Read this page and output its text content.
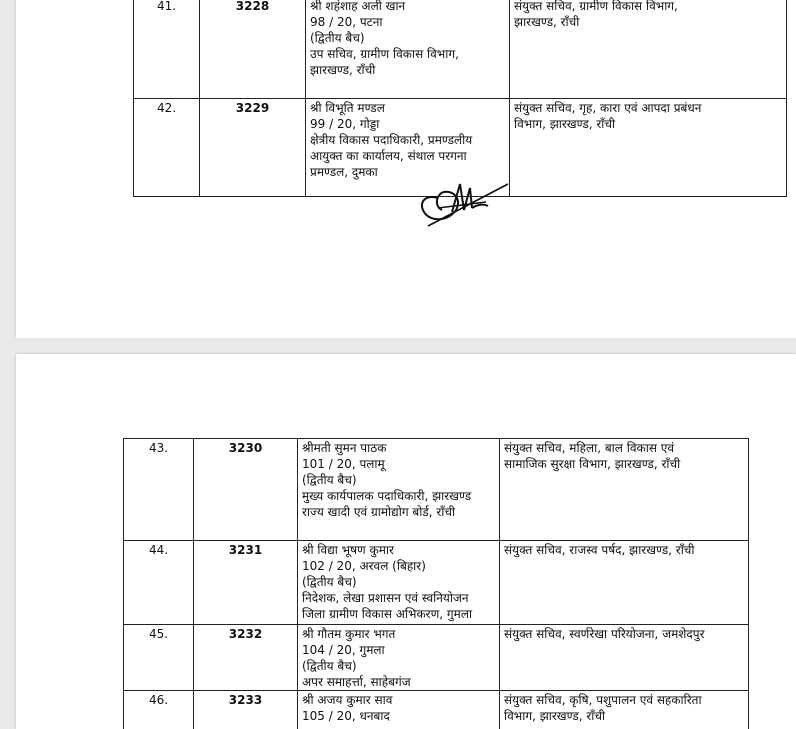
41.	3228	श्री शहंशाह अली खान
98 / 20, पटना
(द्वितीय बैच)
उप सचिव, ग्रामीण विकास विभाग,
झारखण्ड, राँची	संयुक्त सचिव, ग्रामीण विकास विभाग,
झारखण्ड, राँची

42.	3229	श्री विभूति मण्डल
99 / 20, गोड्डा
क्षेत्रीय विकास पदाधिकारी, प्रमण्डलीय
आयुक्त का कार्यालय, संथाल परगना
प्रमण्डल, दुमका	संयुक्त सचिव, गृह, कारा एवं आपदा प्रबंधन
विभाग, झारखण्ड, राँची
43.	3230	श्रीमती सुमन पाठक
101 / 20, पलामू
(द्वितीय बैच)
मुख्य कार्यपालक पदाधिकारी, झारखण्ड
राज्य खादी एवं ग्रामोद्योग बोर्ड, राँची	संयुक्त सचिव, महिला, बाल विकास एवं
सामाजिक सुरक्षा विभाग, झारखण्ड, राँची

44.	3231	श्री विद्या भूषण कुमार
102 / 20, अरवल (बिहार)
(द्वितीय बैच)
निदेशक, लेखा प्रशासन एवं स्वनियोजन
जिला ग्रामीण विकास अभिकरण, गुमला	संयुक्त सचिव, राजस्व पर्षद, झारखण्ड, राँची

45.	3232	श्री गौतम कुमार भगत
104 / 20, गुमला
(द्वितीय बैच)
अपर समाहर्त्ता, साहेबगंज	संयुक्त सचिव, स्वर्णरेखा परियोजना, जमशेदपुर

46.	3233	श्री अजय कुमार साव
105 / 20, धनबाद	संयुक्त सचिव, कृषि, पशुपालन एवं सहकारिता
विभाग, झारखण्ड, राँची
